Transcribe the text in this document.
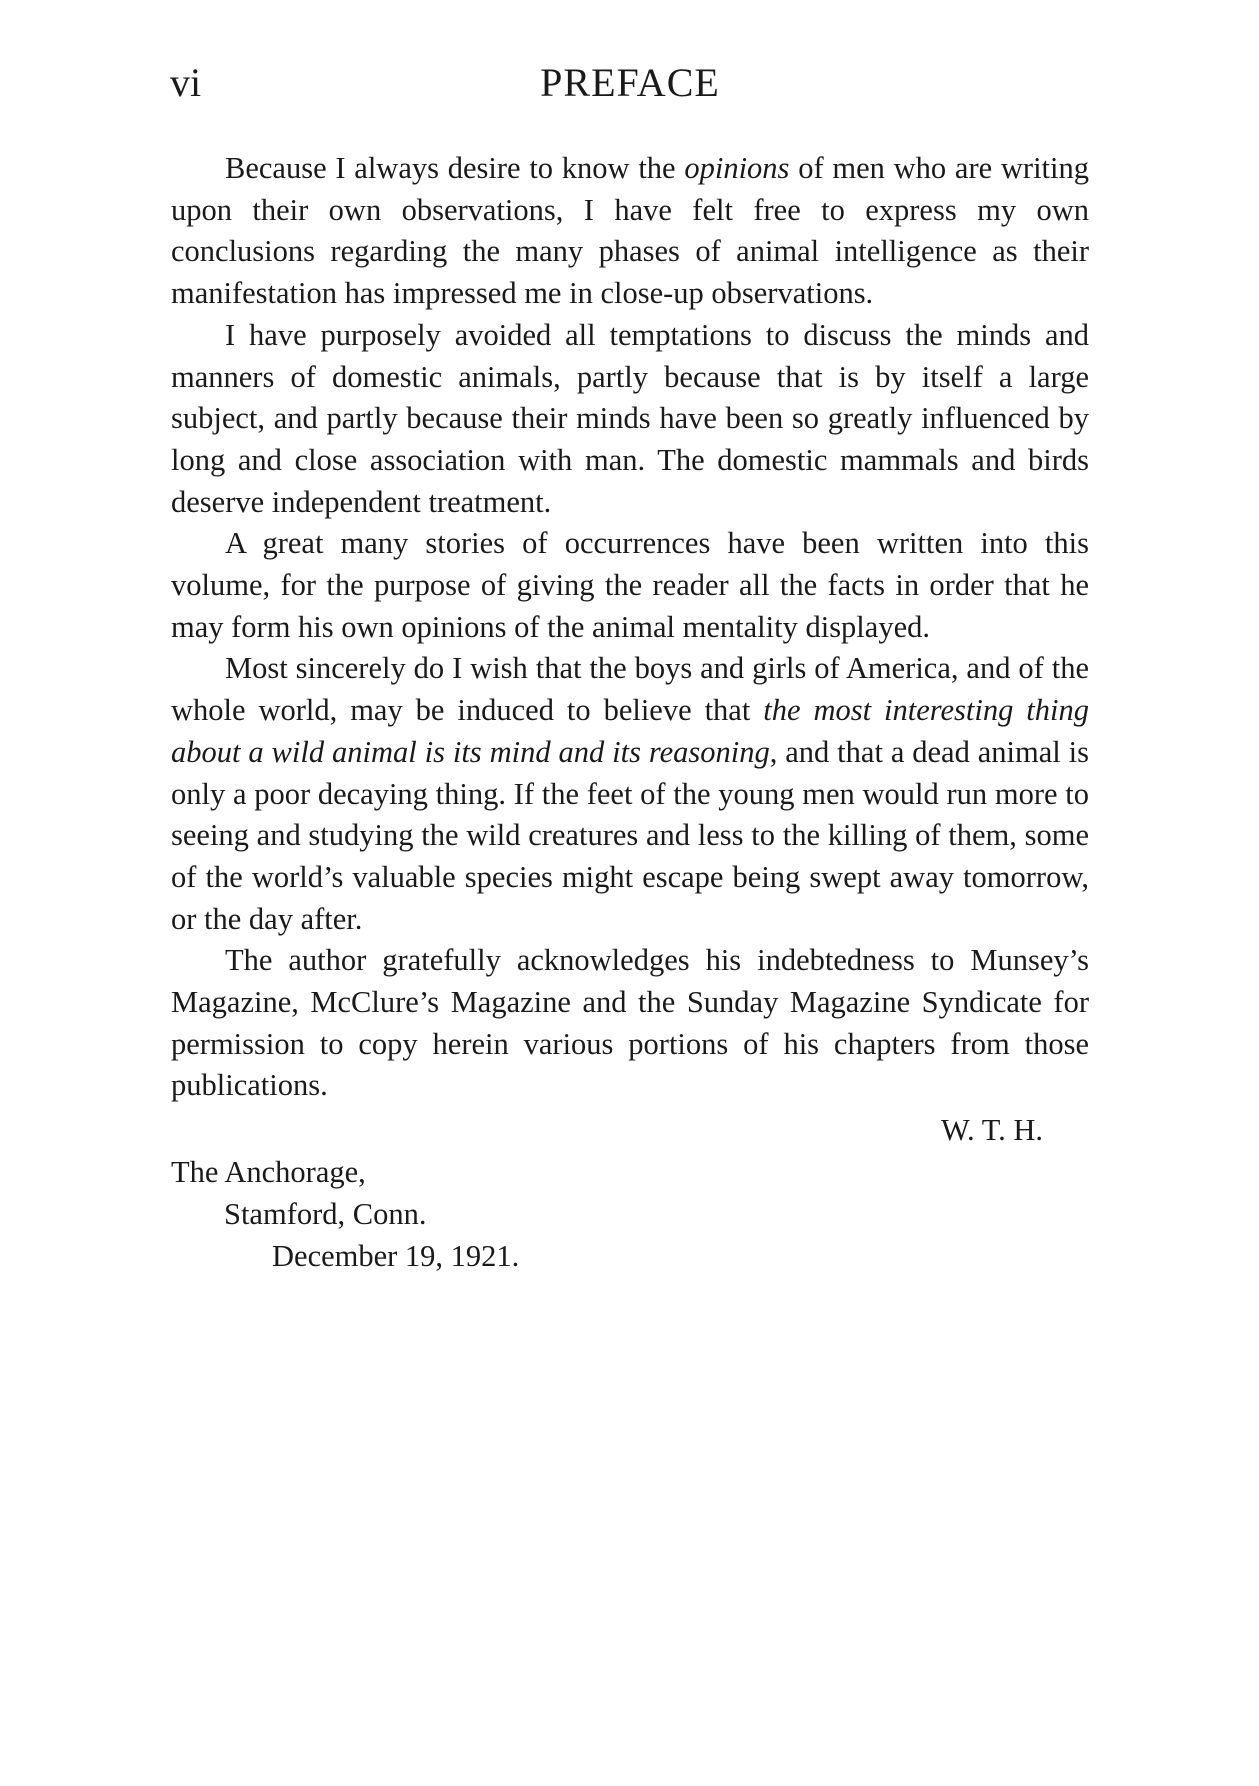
vi	PREFACE

Because I always desire to know the opinions of men who are writing upon their own observations, I have felt free to express my own conclusions regarding the many phases of animal intelligence as their manifestation has impressed me in close-up observations.

I have purposely avoided all temptations to discuss the minds and manners of domestic animals, partly because that is by itself a large subject, and partly because their minds have been so greatly influenced by long and close association with man. The domestic mammals and birds deserve independent treatment.

A great many stories of occurrences have been written into this volume, for the purpose of giving the reader all the facts in order that he may form his own opinions of the animal mentality displayed.

Most sincerely do I wish that the boys and girls of America, and of the whole world, may be induced to believe that the most interesting thing about a wild animal is its mind and its reasoning, and that a dead animal is only a poor decaying thing. If the feet of the young men would run more to seeing and studying the wild creatures and less to the killing of them, some of the world’s valuable species might escape being swept away tomorrow, or the day after.

The author gratefully acknowledges his indebtedness to Munsey’s Magazine, McClure’s Magazine and the Sunday Magazine Syndicate for permission to copy herein various portions of his chapters from those publications.

W. T. H.
The Anchorage,
Stamford, Conn.
December 19, 1921.
